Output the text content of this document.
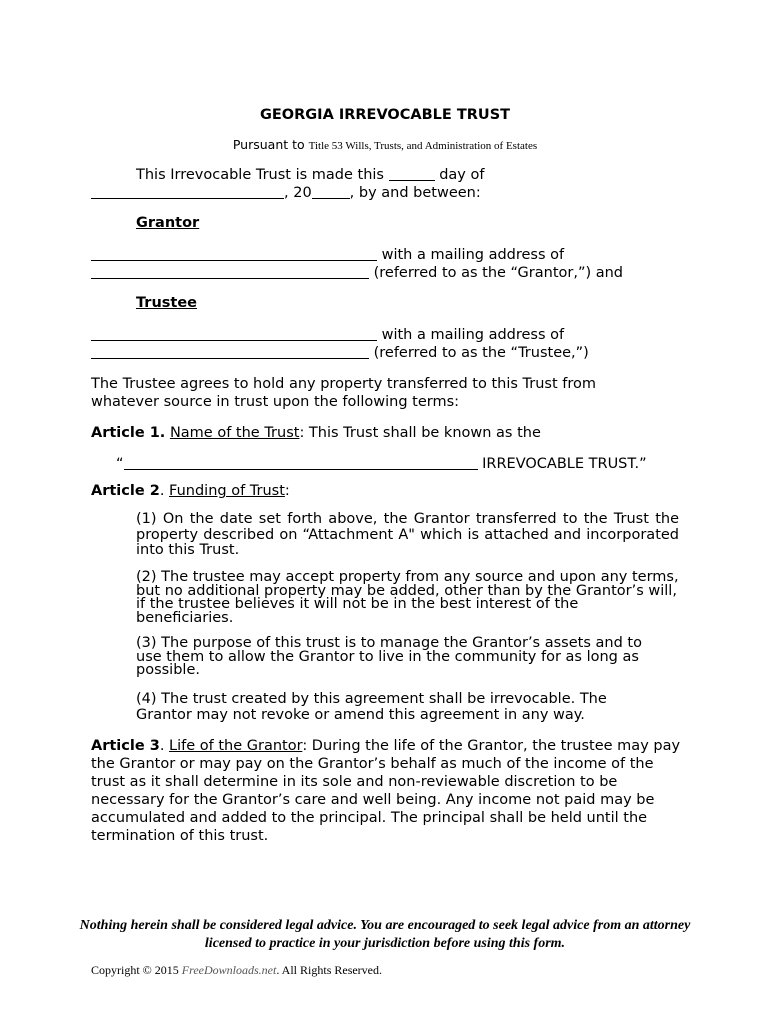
GEORGIA IRREVOCABLE TRUST
Pursuant to Title 53 Wills, Trusts, and Administration of Estates
This Irrevocable Trust is made this	day of
, 20	, by and between:
Grantor
with a mailing address of
(referred to as the “Grantor,”) and
Trustee
with a mailing address of
(referred to as the “Trustee,”)
The Trustee agrees to hold any property transferred to this Trust from whatever source in trust upon the following terms:
Article 1. Name of the Trust: This Trust shall be known as the
“	IRREVOCABLE TRUST.”
Article 2. Funding of Trust:
(1) On the date set forth above, the Grantor transferred to the Trust the property described on “Attachment A" which is attached and incorporated into this Trust.
(2) The trustee may accept property from any source and upon any terms, but no additional property may be added, other than by the Grantor’s will, if the trustee believes it will not be in the best interest of the beneficiaries.
(3) The purpose of this trust is to manage the Grantor’s assets and to use them to allow the Grantor to live in the community for as long as possible.
(4) The trust created by this agreement shall be irrevocable. The Grantor may not revoke or amend this agreement in any way.
Article 3. Life of the Grantor: During the life of the Grantor, the trustee may pay the Grantor or may pay on the Grantor’s behalf as much of the income of the trust as it shall determine in its sole and non-reviewable discretion to be necessary for the Grantor’s care and well being. Any income not paid may be accumulated and added to the principal. The principal shall be held until the termination of this trust.
Nothing herein shall be considered legal advice. You are encouraged to seek legal advice from an attorney licensed to practice in your jurisdiction before using this form.
Copyright © 2015 FreeDownloads.net. All Rights Reserved.
